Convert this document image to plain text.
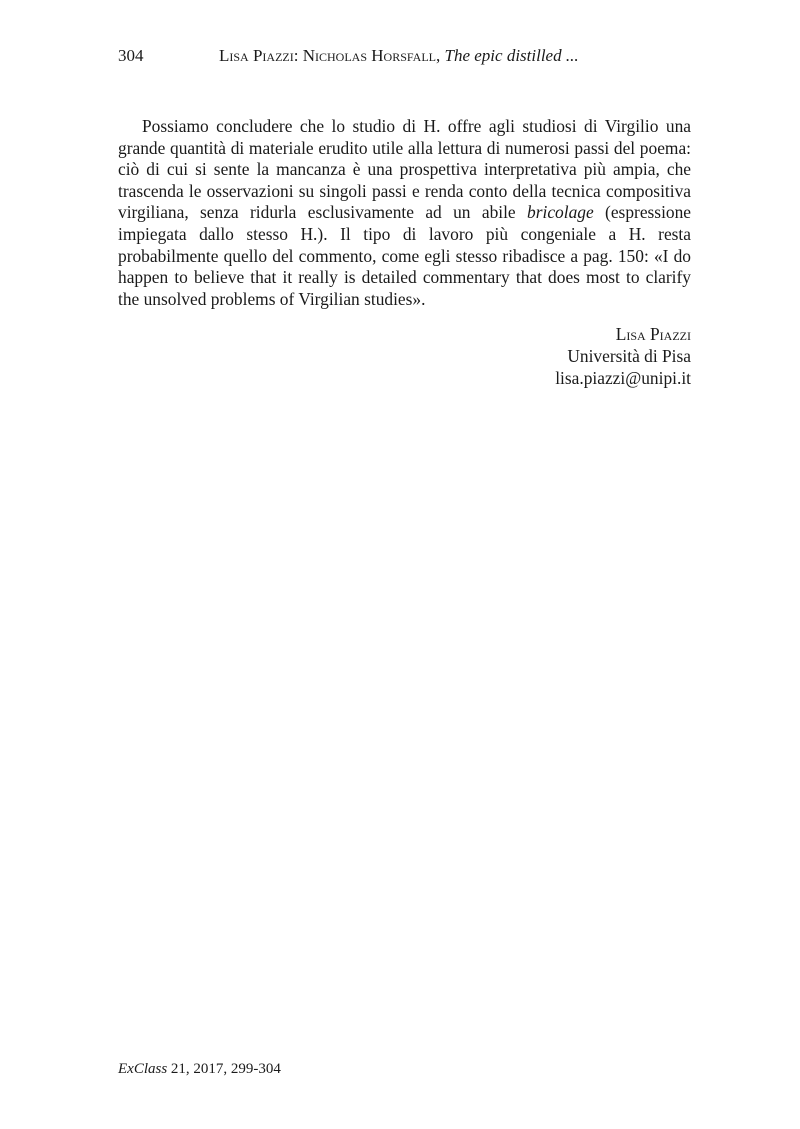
304	Lisa Piazzi: Nicholas Horsfall, The epic distilled ...

Possiamo concludere che lo studio di H. offre agli studiosi di Virgilio una grande quantità di materiale erudito utile alla lettura di numerosi passi del poema: ciò di cui si sente la mancanza è una prospettiva interpretativa più ampia, che trascenda le osservazioni su singoli passi e renda conto della tecnica compositiva virgiliana, senza ridurla esclusivamente ad un abile bricolage (espressione impiegata dallo stesso H.). Il tipo di lavoro più congeniale a H. resta probabilmente quello del commento, come egli stesso ribadisce a pag. 150: «I do happen to believe that it really is detailed commentary that does most to clarify the unsolved problems of Virgilian studies».

Lisa Piazzi
Università di Pisa
lisa.piazzi@unipi.it
ExClass 21, 2017, 299-304
